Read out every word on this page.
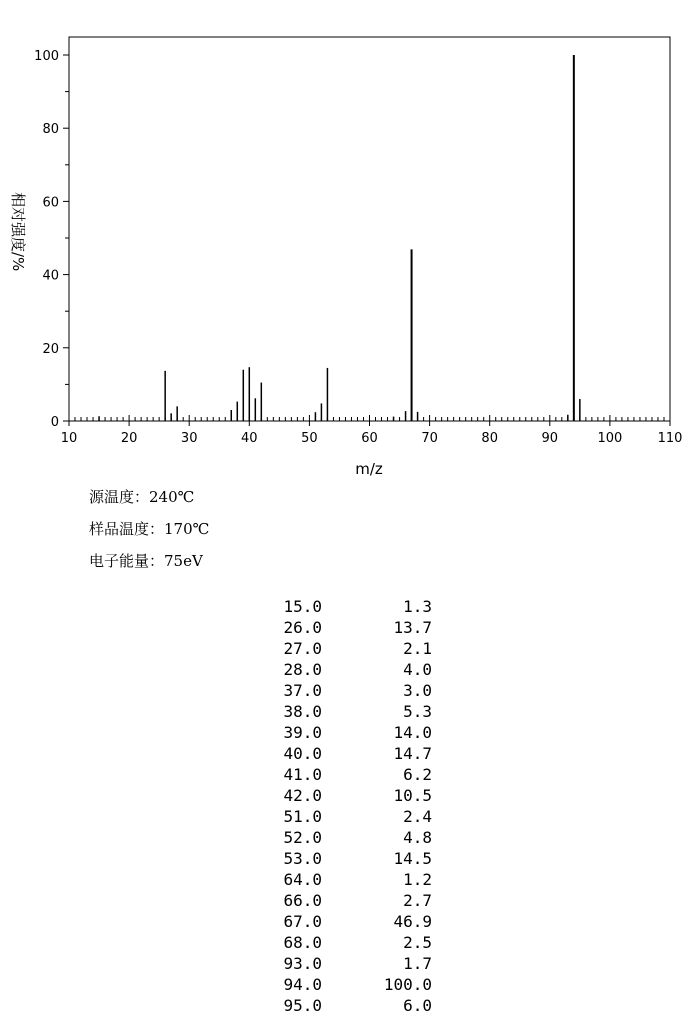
10	20	30	40	50	60	70	80	90	100	110
0
20
40
60
80
100
m/z
相对强度/%
源温度：240℃
样品温度：170℃
电子能量：75eV
15.0	1.3
26.0	13.7
27.0	2.1
28.0	4.0
37.0	3.0
38.0	5.3
39.0	14.0
40.0	14.7
41.0	6.2
42.0	10.5
51.0	2.4
52.0	4.8
53.0	14.5
64.0	1.2
66.0	2.7
67.0	46.9
68.0	2.5
93.0	1.7
94.0	100.0
95.0	6.0
